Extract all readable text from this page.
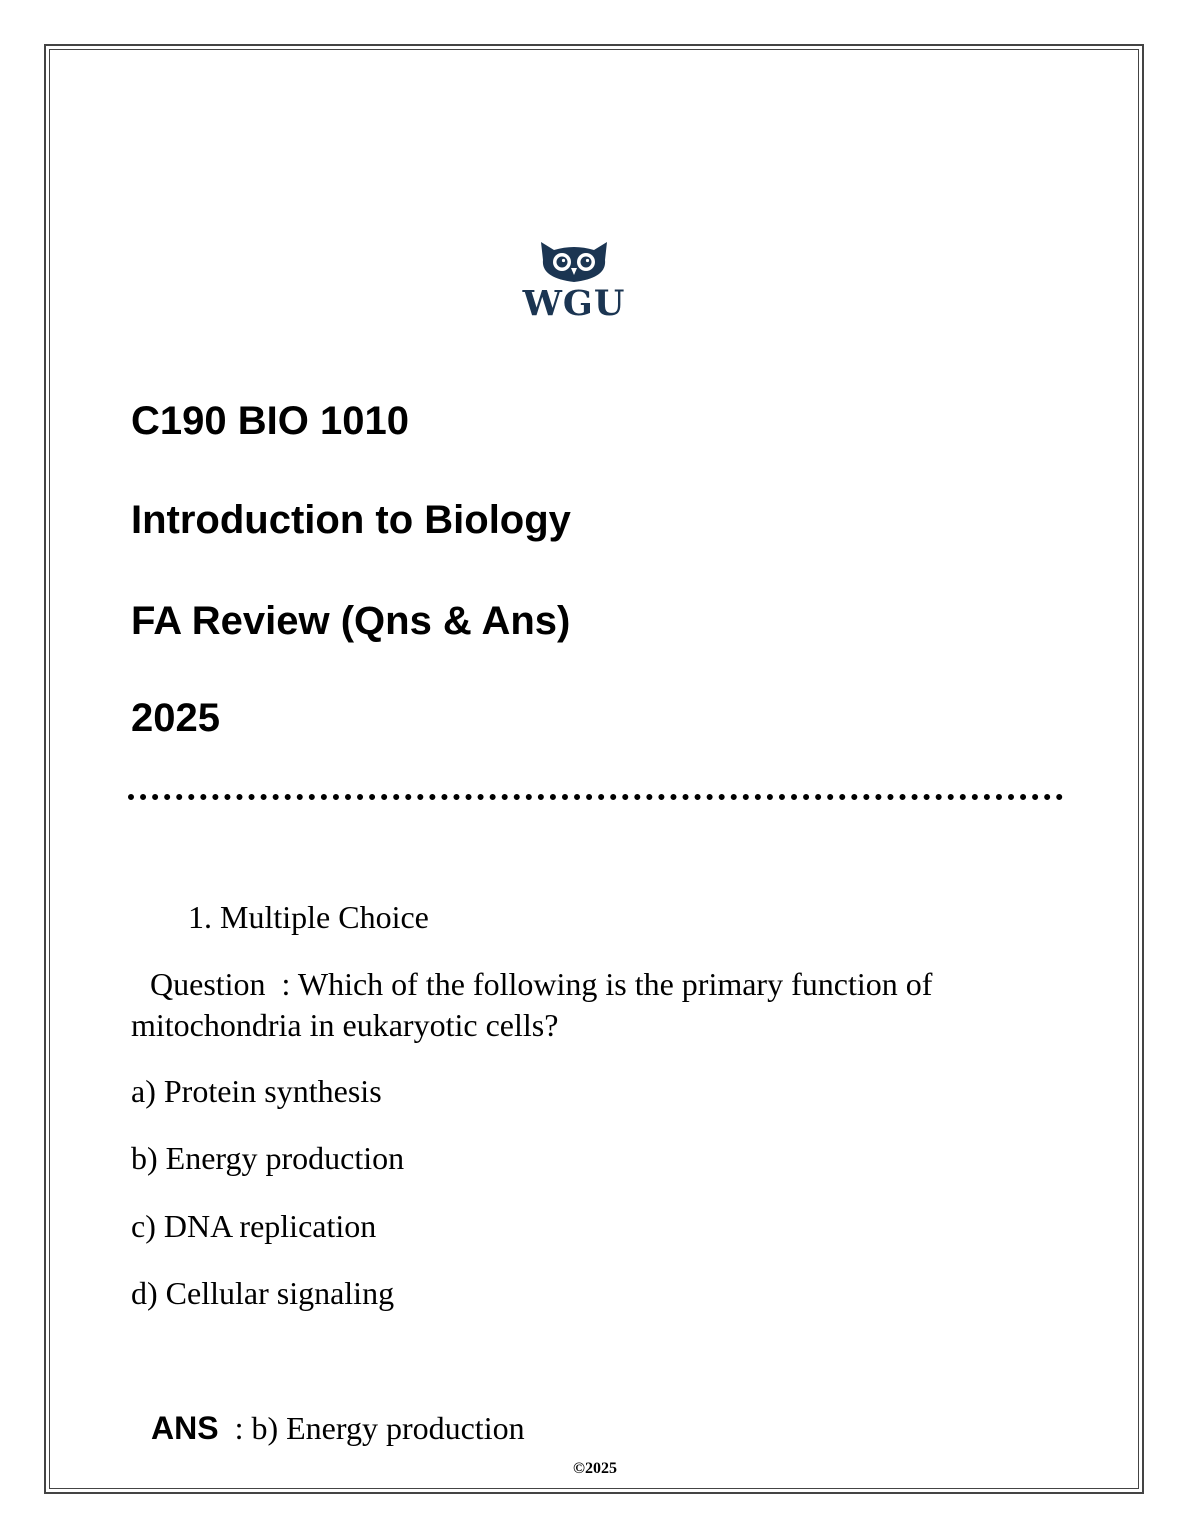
WGU
C190 BIO 1010
Introduction to Biology
FA Review (Qns & Ans)
2025
1. Multiple Choice
Question  : Which of the following is the primary function of
mitochondria in eukaryotic cells?
a) Protein synthesis
b) Energy production
c) DNA replication
d) Cellular signaling
ANS : b) Energy production
©2025
